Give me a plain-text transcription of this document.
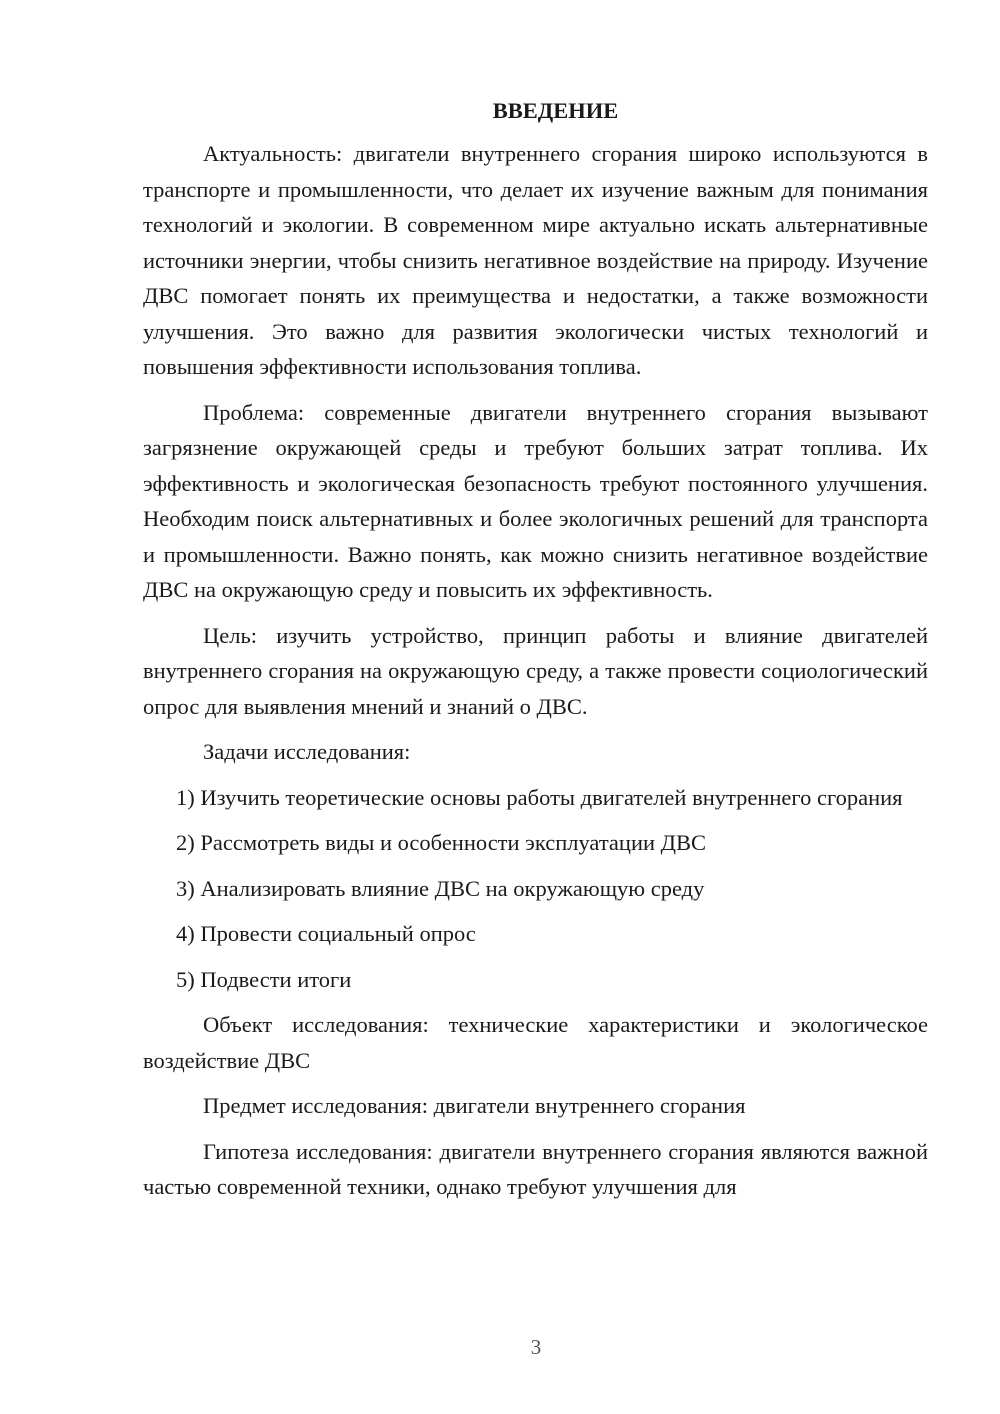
ВВЕДЕНИЕ

Актуальность: двигатели внутреннего сгорания широко используются в транспорте и промышленности, что делает их изучение важным для понимания технологий и экологии. В современном мире актуально искать альтернативные источники энергии, чтобы снизить негативное воздействие на природу. Изучение ДВС помогает понять их преимущества и недостатки, а также возможности улучшения. Это важно для развития экологически чистых технологий и повышения эффективности использования топлива.

Проблема: современные двигатели внутреннего сгорания вызывают загрязнение окружающей среды и требуют больших затрат топлива. Их эффективность и экологическая безопасность требуют постоянного улучшения. Необходим поиск альтернативных и более экологичных решений для транспорта и промышленности. Важно понять, как можно снизить негативное воздействие ДВС на окружающую среду и повысить их эффективность.

Цель: изучить устройство, принцип работы и влияние двигателей внутреннего сгорания на окружающую среду, а также провести социологический опрос для выявления мнений и знаний о ДВС.

Задачи исследования:

1) Изучить теоретические основы работы двигателей внутреннего сгорания

2) Рассмотреть виды и особенности эксплуатации ДВС

3) Анализировать влияние ДВС на окружающую среду

4) Провести социальный опрос

5) Подвести итоги

Объект исследования: технические характеристики и экологическое воздействие ДВС

Предмет исследования: двигатели внутреннего сгорания

Гипотеза исследования: двигатели внутреннего сгорания являются важной частью современной техники, однако требуют улучшения для

3
